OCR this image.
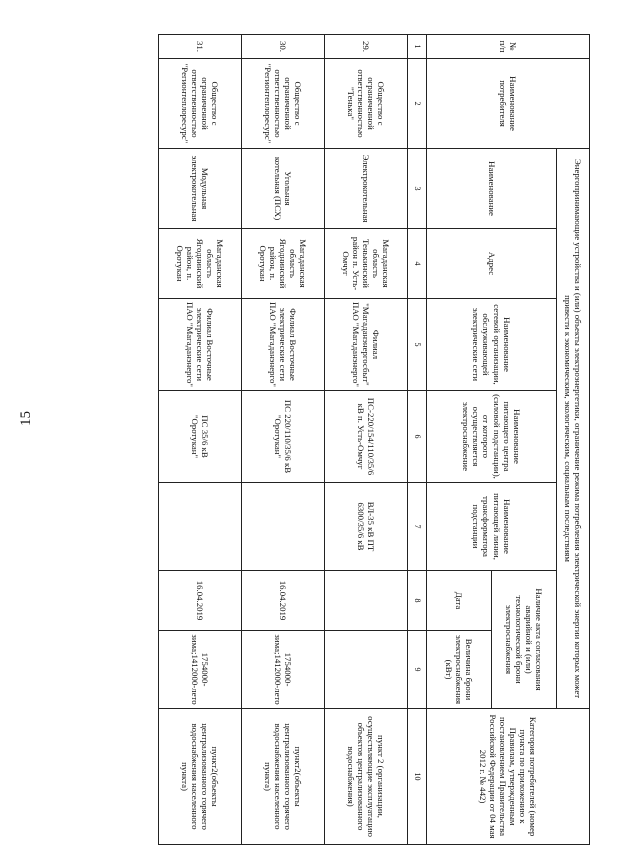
15
№ п/п	Наименование потребителя	Энергопринимающие устройства и (или) объекты электроэнергетики, ограничение режима потребления электрической энергии которых может привести к экономическим, экологическим, социальным последствиям							Категория потребителей (номер пункта по приложению к Правилам, утвержденным постановлением Правительства Российской Федерации от 04 мая 2012 г. № 442)
		Наименование	Адрес	Наименование сетевой организации, обслуживающей электрические сети	Наименование питающего центра (силовой подстанции), от которого осуществляется электроснабжение	Наименование питающей линии, трансформатора подстанции	Наличие акта согласования аварийной и (или) технологической брони электроснабжения		
							Дата	Величина брони электроснабжения (кВт)	
1	2	3	4	5	6	7	8	9	10
29.	Общество с ограниченной ответственностью "Тенька"	Электрокотельная	Магаданская область Тенькинский район п. Усть-Омчуг	Филиал "Магаданэнергосбыт" ПАО "Магаданэнерго"	ПС-220/154/110/35/6 кВ п. Усть-Омчуг	ВЛ-35 кВ ПТ 6300/35/6 кВ			пункт 2 (организации, осуществляющие эксплуатацию объектов централизованного водоснабжения)
30.	Общество с ограниченной ответственностью "Регионтеплоресурс"	Угольная котельная (ПСХ)	Магаданская область Ягоднинский район, п. Оротукан	Филиал Восточные электрические сети ПАО "Магаданэнерго"	ПС 220/110/35/6 кВ "Оротукан"		16.04.2019	1754000-зима;1412000-лето	пункт2(объекты централизованного горячего водоснабжения населенного пункта)
31.	Общество с ограниченной ответственностью "Регионтеплоресурс"	Модульная электрокотельная	Магаданская область Ягоднинский район, п. Оротукан	Филиал Восточные электрические сети ПАО "Магаданэнерго"	ПС 35/6 кВ "Оротукан"		16.04.2019	1754000-зима;1412000-лето	пункт2(объекты централизованного горячего водоснабжения населенного пункта)
